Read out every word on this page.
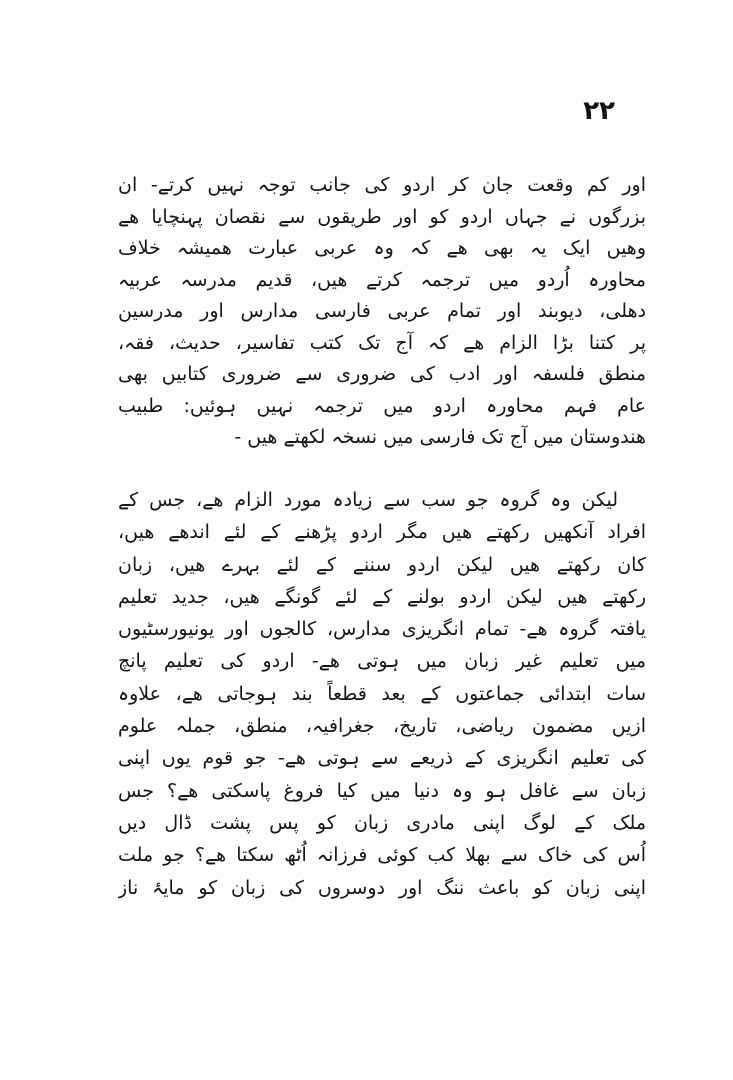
۲۲
اور کم وقعت جان کر اردو کی جانب توجہ نہیں کرتے- ان
بزرگوں نے جہاں اردو کو اور طریقوں سے نقصان پہنچایا ھے
وھیں ایک یہ بھی ھے کہ وہ عربی عبارت ھمیشہ خلاف
محاورہ اُردو میں ترجمہ کرتے ھیں، قدیم مدرسہ عربیہ
دھلی، دیوبند اور تمام عربی فارسی مدارس اور مدرسین
پر کتنا بڑا الزام ھے کہ آج تک کتب تفاسیر، حدیث، فقہ،
منطق فلسفہ اور ادب کی ضروری سے ضروری کتابیں بھی
عام فہم محاورہ اردو میں ترجمہ نہیں ہوئیں: طبیب
ھندوستان میں آج تک فارسی میں نسخہ لکھتے ھیں -
لیکن وہ گروہ جو سب سے زیادہ مورد الزام ھے، جس کے
افراد آنکھیں رکھتے ھیں مگر اردو پڑھنے کے لئے اندھے ھیں،
کان رکھتے ھیں لیکن اردو سننے کے لئے بہرے ھیں، زبان
رکھتے ھیں لیکن اردو بولنے کے لئے گونگے ھیں، جدید تعلیم
یافتہ گروہ ھے- تمام انگریزی مدارس، کالجوں اور یونیورسٹیوں
میں تعلیم غیر زبان میں ہوتی ھے- اردو کی تعلیم پانچ
سات ابتدائی جماعتوں کے بعد قطعاً بند ہوجاتی ھے، علاوہ
ازیں مضمون ریاضی، تاریخ، جغرافیہ، منطق، جملہ علوم
کی تعلیم انگریزی کے ذریعے سے ہوتی ھے- جو قوم یوں اپنی
زبان سے غافل ہو وہ دنیا میں کیا فروغ پاسکتی ھے؟ جس
ملک کے لوگ اپنی مادری زبان کو پس پشت ڈال دیں
اُس کی خاک سے بھلا کب کوئی فرزانہ اُٹھ سکتا ھے؟ جو ملت
اپنی زبان کو باعث ننگ اور دوسروں کی زبان کو مایۂ ناز
